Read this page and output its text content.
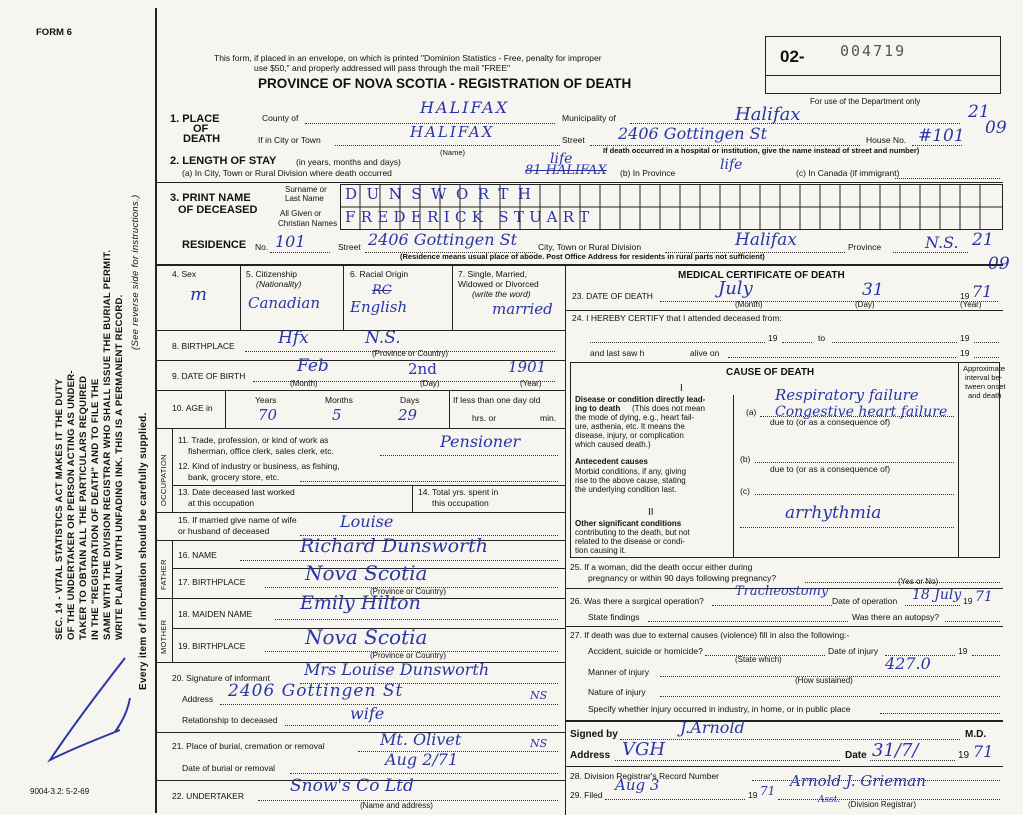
FORM 6
SEC. 14 - VITAL STATISTICS ACT MAKES IT THE DUTY OF THE UNDERTAKER OR PERSON ACTING AS UNDER- TAKER TO OBTAIN ALL THE PARTICULARS REQUIRED IN THE "REGISTRATION OF DEATH" AND TO FILE THE SAME WITH THE DIVISION REGISTRAR WHO SHALL ISSUE THE BURIAL PERMIT. WRITE PLAINLY WITH UNFADING INK. THIS IS A PERMANENT RECORD.
(See reverse side for instructions.)
Every item of information should be carefully supplied.
9004-3.2: 5-2-69
This form, if placed in an envelope, on which is printed "Dominion Statistics - Free, penalty for improper
use $50," and properly addressed will pass through the mail "FREE"
PROVINCE OF NOVA SCOTIA - REGISTRATION OF DEATH
02- 004719
For use of the Department only
21
09
1. PLACE
OF
DEATH
County of
HALIFAX
Municipality of	Halifax
If in City or Town	HALIFAX
(Name)
Street 2406 Gottingen St	House No. #101
If death occurred in a hospital or institution, give the name instead of street and number)
2. LENGTH OF STAY (in years, months and days)
(a) In City, Town or Rural Division where death occurred
life
81 HALIFAX (b) In Province	life	(c) In Canada (if immigrant)
3. PRINT NAME
OF DECEASED
Surname or
Last Name
All Given or
Christian Names
DUNSWORTH
FREDERICK STUART
RESIDENCE No. 101	Street 2406 Gottingen St City, Town or Rural Division	Halifax	Province	N.S. 21
09
(Residence means usual place of abode. Post Office Address for residents in rural parts not sufficient)
4. Sex
m
5. Citizenship
(Nationality)
Canadian
6. Racial Origin
RC
English
7. Single, Married,
Widowed or Divorced
(write the word)
married
8. BIRTHPLACE	Hfx	N.S.
(Province or Country)
9. DATE OF BIRTH	Feb	2nd	1901
(Month)	(Day)	(Year)
10. AGE in
Years	Months	Days
70	5	29
If less than one day old
hrs. or	min.
OCCUPATION
11. Trade, profession, or kind of work as
fisherman, office clerk, sales clerk, etc.	Pensioner
12. Kind of industry or business, as fishing,
bank, grocery store, etc.
13. Date deceased last worked
at this occupation
14. Total yrs. spent in
this occupation
15. If married give name of wife
or husband of deceased	Louise
FATHER
16. NAME	Richard Dunsworth
17. BIRTHPLACE	Nova Scotia
(Province or Country)
MOTHER
18. MAIDEN NAME	Emily Hilton
19. BIRTHPLACE	Nova Scotia
(Province or Country)
20. Signature of informant Mrs Louise Dunsworth
Address 2406 Gottingen St	NS
Relationship to deceased	wife
21. Place of burial, cremation or removal	Mt. Olivet	NS
Date of burial or removal	Aug 2/71
22. UNDERTAKER	Snow's Co Ltd
(Name and address)
MEDICAL CERTIFICATE OF DEATH
23. DATE OF DEATH	July	31	19 71
(Month)	(Day)	(Year)
24. I HEREBY CERTIFY that I attended deceased from:
19	to	19
and last saw h	alive on	19
CAUSE OF DEATH	Approximate
interval be-
tween onset
and death
I
Disease or condition directly lead-
ing to death (This does not mean
the mode of dying, e.g., heart fail-
ure, asthenia, etc. It means the
disease, injury, or complication
which caused death.)
(a)
Respiratory failure
Congestive heart failure
due to (or as a consequence of)
Antecedent causes
Morbid conditions, if any, giving
rise to the above cause, stating
the underlying condition last.
(b)
due to (or as a consequence of)
(c)
II
Other significant conditions
contributing to the death, but not
related to the disease or condi-
tion causing it.
arrhythmia
25. If a woman, did the death occur either during
pregnancy or within 90 days following pregnancy?	(Yes or No)
26. Was there a surgical operation?
Tracheostomy
Date of operation 18 July 19 71
State findings	Was there an autopsy?
27. If death was due to external causes (violence) fill in also the following:-
Accident, suicide or homicide?	Date of injury	19
(State which)
Manner of injury	427.0
(How sustained)
Nature of injury
Specify whether injury occurred in industry, in home, or in public place
Signed by	J.Arnold	M.D.
Address VGH	Date 31/7/	19 71
28. Division Registrar's Record Number
29. Filed
Aug 3
19 71
Arnold J. Grieman
Asst. (Division Registrar)
